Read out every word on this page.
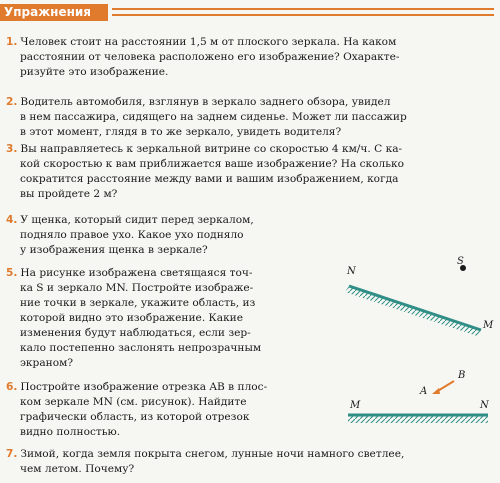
Упражнения
1. Человек стоит на расстоянии 1,5 м от плоского зеркала. На каком
расстоянии от человека расположено его изображение? Охаракте-
ризуйте это изображение.
2. Водитель автомобиля, взглянув в зеркало заднего обзора, увидел
в нем пассажира, сидящего на заднем сиденье. Может ли пассажир
в этот момент, глядя в то же зеркало, увидеть водителя?
3. Вы направляетесь к зеркальной витрине со скоростью 4 км/ч. С ка-
кой скоростью к вам приближается ваше изображение? На сколько
сократится расстояние между вами и вашим изображением, когда
вы пройдете 2 м?
4. У щенка, который сидит перед зеркалом,
подняло правое ухо. Какое ухо подняло
у изображения щенка в зеркале?
5. На рисунке изображена светящаяся точ-
ка S и зеркало MN. Постройте изображе-
ние точки в зеркале, укажите область, из
которой видно это изображение. Какие
изменения будут наблюдаться, если зер-
кало постепенно заслонять непрозрачным
экраном?
N
M
S
6. Постройте изображение отрезка AB в плос-
ком зеркале MN (см. рисунок). Найдите
графически область, из которой отрезок
видно полностью.
M	N
A
B
7. Зимой, когда земля покрыта снегом, лунные ночи намного светлее,
чем летом. Почему?
